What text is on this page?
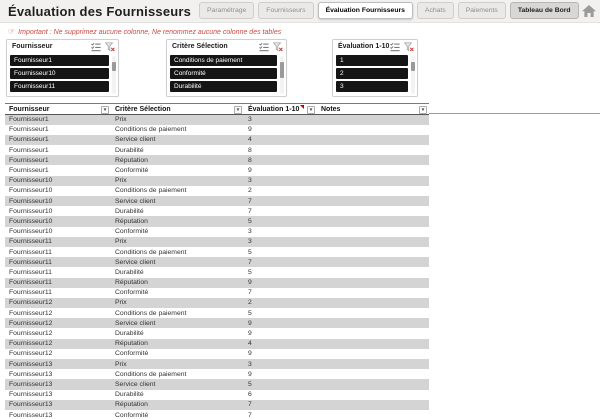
Évaluation des Fournisseurs	Paramétrage	Fournisseurs	Évaluation Fournisseurs	Achats	Paiements	Tableau de Bord
☞ Important : Ne supprimez aucune colonne, Ne renommez aucune colonne des tables
Fournisseur
Fournisseur1
Fournisseur10
Fournisseur11
Critère Sélection
Conditions de paiement
Conformité
Durabilité
Évaluation 1-10
1
2
3
Fournisseur ▾	Critère Sélection ▾	Évaluation 1-10 ▾	Notes ▾

Fournisseur1	Prix	3	
Fournisseur1	Conditions de paiement	9	
Fournisseur1	Service client	4	
Fournisseur1	Durabilité	8	
Fournisseur1	Réputation	8	
Fournisseur1	Conformité	9	
Fournisseur10	Prix	3	
Fournisseur10	Conditions de paiement	2	
Fournisseur10	Service client	7	
Fournisseur10	Durabilité	7	
Fournisseur10	Réputation	5	
Fournisseur10	Conformité	3	
Fournisseur11	Prix	3	
Fournisseur11	Conditions de paiement	5	
Fournisseur11	Service client	7	
Fournisseur11	Durabilité	5	
Fournisseur11	Réputation	9	
Fournisseur11	Conformité	7	
Fournisseur12	Prix	2	
Fournisseur12	Conditions de paiement	5	
Fournisseur12	Service client	9	
Fournisseur12	Durabilité	9	
Fournisseur12	Réputation	4	
Fournisseur12	Conformité	9	
Fournisseur13	Prix	3	
Fournisseur13	Conditions de paiement	9	
Fournisseur13	Service client	5	
Fournisseur13	Durabilité	6	
Fournisseur13	Réputation	7	
Fournisseur13	Conformité	7	
